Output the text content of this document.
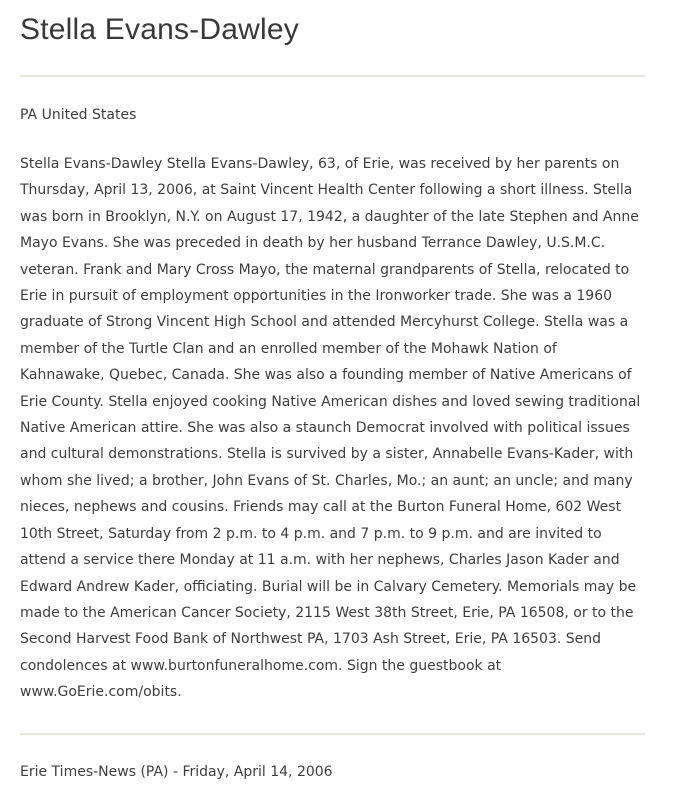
Stella Evans-Dawley
PA United States

Stella Evans-Dawley Stella Evans-Dawley, 63, of Erie, was received by her parents on Thursday, April 13, 2006, at Saint Vincent Health Center following a short illness. Stella was born in Brooklyn, N.Y. on August 17, 1942, a daughter of the late Stephen and Anne Mayo Evans. She was preceded in death by her husband Terrance Dawley, U.S.M.C. veteran. Frank and Mary Cross Mayo, the maternal grandparents of Stella, relocated to Erie in pursuit of employment opportunities in the Ironworker trade. She was a 1960 graduate of Strong Vincent High School and attended Mercyhurst College. Stella was a member of the Turtle Clan and an enrolled member of the Mohawk Nation of Kahnawake, Quebec, Canada. She was also a founding member of Native Americans of Erie County. Stella enjoyed cooking Native American dishes and loved sewing traditional Native American attire. She was also a staunch Democrat involved with political issues and cultural demonstrations. Stella is survived by a sister, Annabelle Evans-Kader, with whom she lived; a brother, John Evans of St. Charles, Mo.; an aunt; an uncle; and many nieces, nephews and cousins. Friends may call at the Burton Funeral Home, 602 West 10th Street, Saturday from 2 p.m. to 4 p.m. and 7 p.m. to 9 p.m. and are invited to attend a service there Monday at 11 a.m. with her nephews, Charles Jason Kader and Edward Andrew Kader, officiating. Burial will be in Calvary Cemetery. Memorials may be made to the American Cancer Society, 2115 West 38th Street, Erie, PA 16508, or to the Second Harvest Food Bank of Northwest PA, 1703 Ash Street, Erie, PA 16503. Send condolences at www.burtonfuneralhome.com. Sign the guestbook at www.GoErie.com/obits.

Erie Times-News (PA) - Friday, April 14, 2006
